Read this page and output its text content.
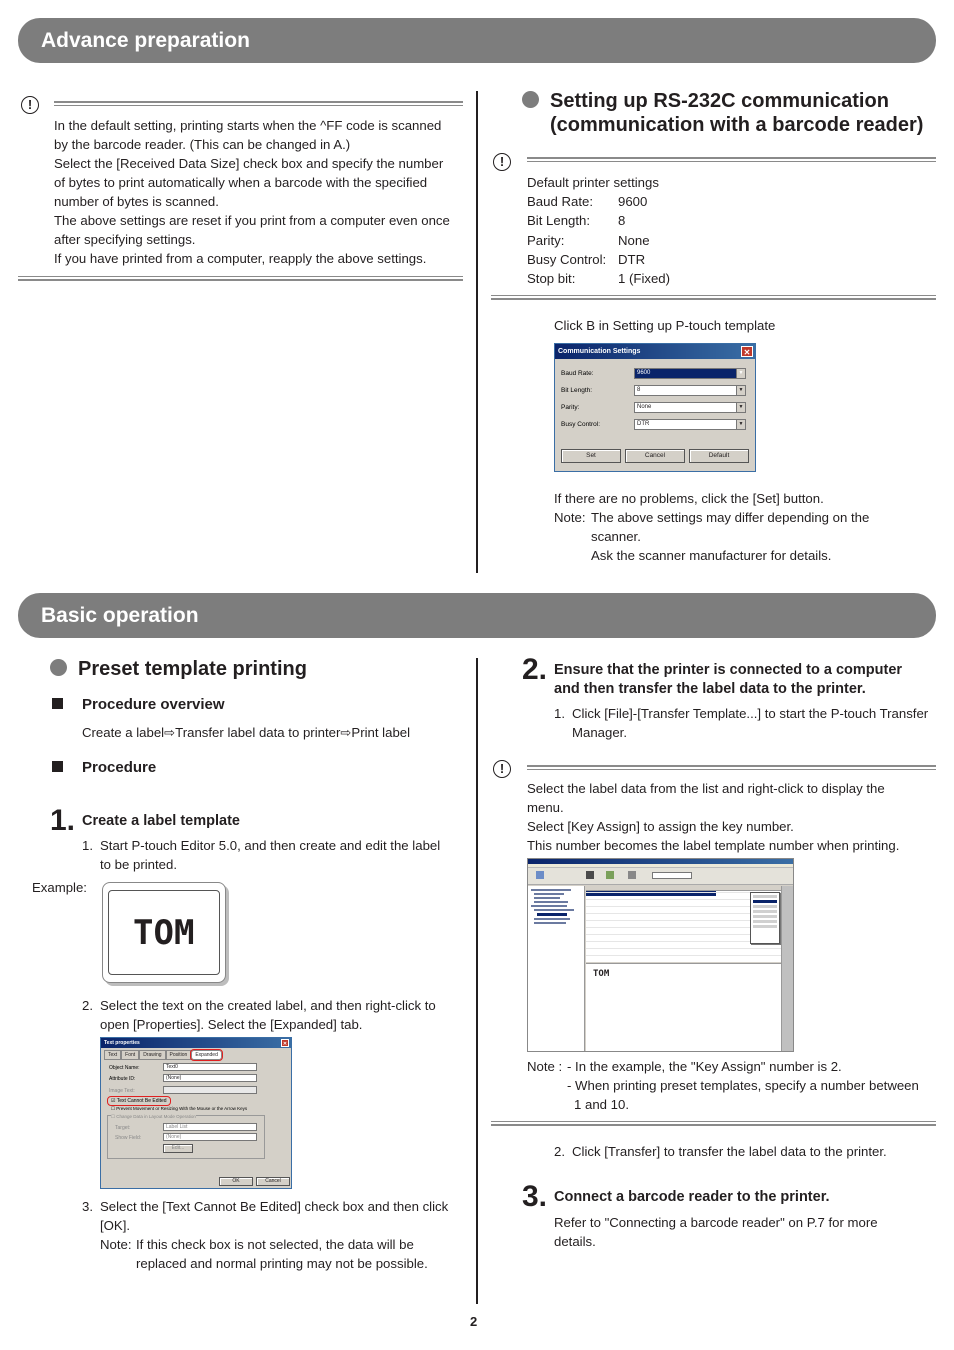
Advance preparation
Basic operation
!
In the default setting, printing starts when the ^FF code is scanned
by the barcode reader. (This can be changed in A.)
Select the [Received Data Size] check box and specify the number
of bytes to print automatically when a barcode with the specified
number of bytes is scanned.
The above settings are reset if you print from a computer even once
after specifying settings.
If you have printed from a computer, reapply the above settings.
Setting up RS-232C communication
(communication with a barcode reader)
!
Default printer settings
Baud Rate:	9600
Bit Length:	8
Parity:	None
Busy Control: DTR
Stop bit:	1 (Fixed)
Click B in Setting up P-touch template
Communication Settings	✕
Baud Rate:	9600	▼
Bit Length:	8	▼
Parity:	None	▼
Busy Control:	DTR	▼
Set	Cancel	Default
If there are no problems, click the [Set] button.
Note: The above settings may differ depending on the
scanner.
Ask the scanner manufacturer for details.
Preset template printing
Procedure overview
Create a label⇨Transfer label data to printer⇨Print label
Procedure
1. Create a label template
1. Start P-touch Editor 5.0, and then create and edit the label
to be printed.
Example:
TOM
2. Select the text on the created label, and then right-click to
open [Properties]. Select the [Expanded] tab.
Text properties	✕
Text	Font	Drawing	Position	Expanded
Object Name:	Text0
Attribute ID:	(None)
Image Text:
☑ Text Cannot Be Edited
☐ Prevent Movement or Resizing With the Mouse or the Arrow Keys
☐ Change Data in Layout Mode Operation
Target:	Label List
Show Field:	(None)
Edit...
OK	Cancel
3. Select the [Text Cannot Be Edited] check box and then click
[OK].
Note: If this check box is not selected, the data will be
replaced and normal printing may not be possible.
2. Ensure that the printer is connected to a computer
and then transfer the label data to the printer.
1. Click [File]-[Transfer Template...] to start the P-touch Transfer
Manager.
!
Select the label data from the list and right-click to display the
menu.
Select [Key Assign] to assign the key number.
This number becomes the label template number when printing.
TOM
Note : - In the example, the "Key Assign" number is 2.
- When printing preset templates, specify a number between
1 and 10.
2. Click [Transfer] to transfer the label data to the printer.
3. Connect a barcode reader to the printer.
Refer to "Connecting a barcode reader" on P.7 for more
details.
2
